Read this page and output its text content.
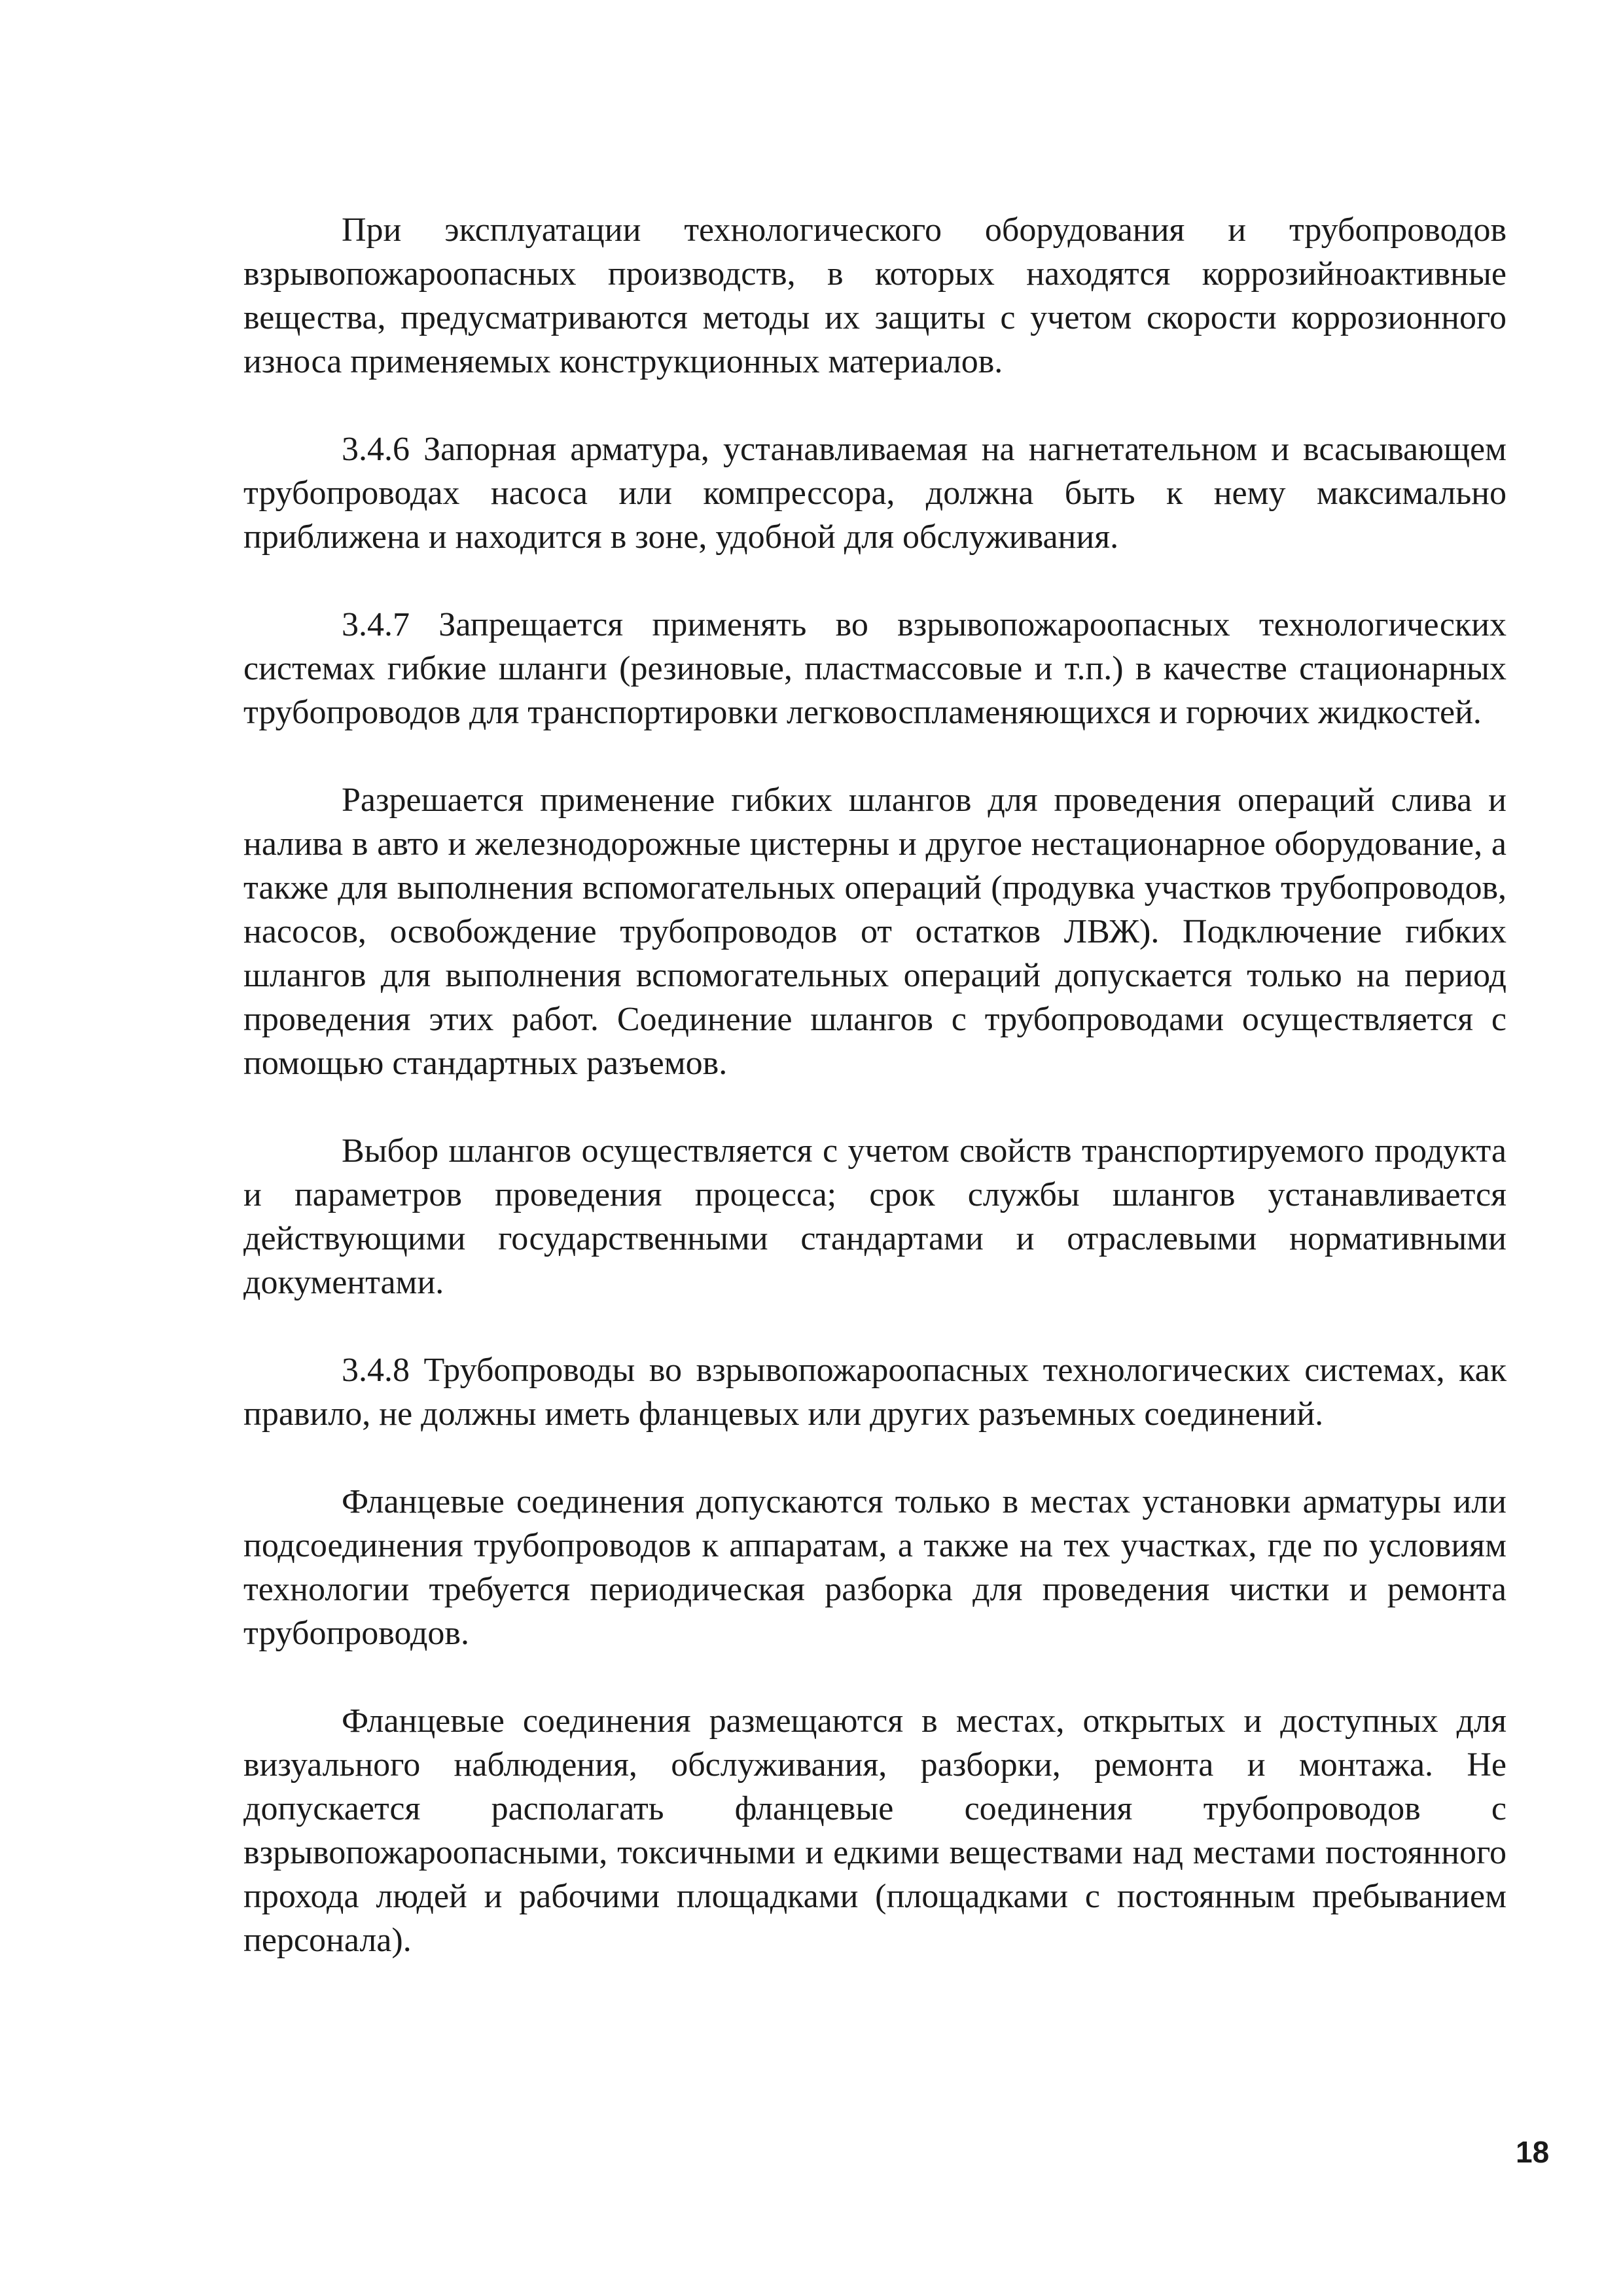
При эксплуатации технологического оборудования и трубопроводов взрывопожароопасных производств, в которых находятся коррозийноактивные вещества, предусматриваются методы их защиты с учетом скорости коррозионного износа применяемых конструкционных материалов.

3.4.6 Запорная арматура, устанавливаемая на нагнетательном и всасывающем трубопроводах насоса или компрессора, должна быть к нему максимально приближена и находится в зоне, удобной для обслуживания.

3.4.7 Запрещается применять во взрывопожароопасных технологических системах гибкие шланги (резиновые, пластмассовые и т.п.) в качестве стационарных трубопроводов для транспортировки легковоспламеняющихся и горючих жидкостей.

Разрешается применение гибких шлангов для проведения операций слива и налива в авто и железнодорожные цистерны и другое нестационарное оборудование, а также для выполнения вспомогательных операций (продувка участков трубопроводов, насосов, освобождение трубопроводов от остатков ЛВЖ). Подключение гибких шлангов для выполнения вспомогательных операций допускается только на период проведения этих работ. Соединение шлангов с трубопроводами осуществляется с помощью стандартных разъемов.

Выбор шлангов осуществляется с учетом свойств транспортируемого продукта и параметров проведения процесса; срок службы шлангов устанавливается действующими государственными стандартами и отраслевыми нормативными документами.

3.4.8 Трубопроводы во взрывопожароопасных технологических системах, как правило, не должны иметь фланцевых или других разъемных соединений.

Фланцевые соединения допускаются только в местах установки арматуры или подсоединения трубопроводов к аппаратам, а также на тех участках, где по условиям технологии требуется периодическая разборка для проведения чистки и ремонта трубопроводов.

Фланцевые соединения размещаются в местах, открытых и доступных для визуального наблюдения, обслуживания, разборки, ремонта и монтажа. Не допускается располагать фланцевые соединения трубопроводов с взрывопожароопасными, токсичными и едкими веществами над местами постоянного прохода людей и рабочими площадками (площадками с постоянным пребыванием персонала).

18
